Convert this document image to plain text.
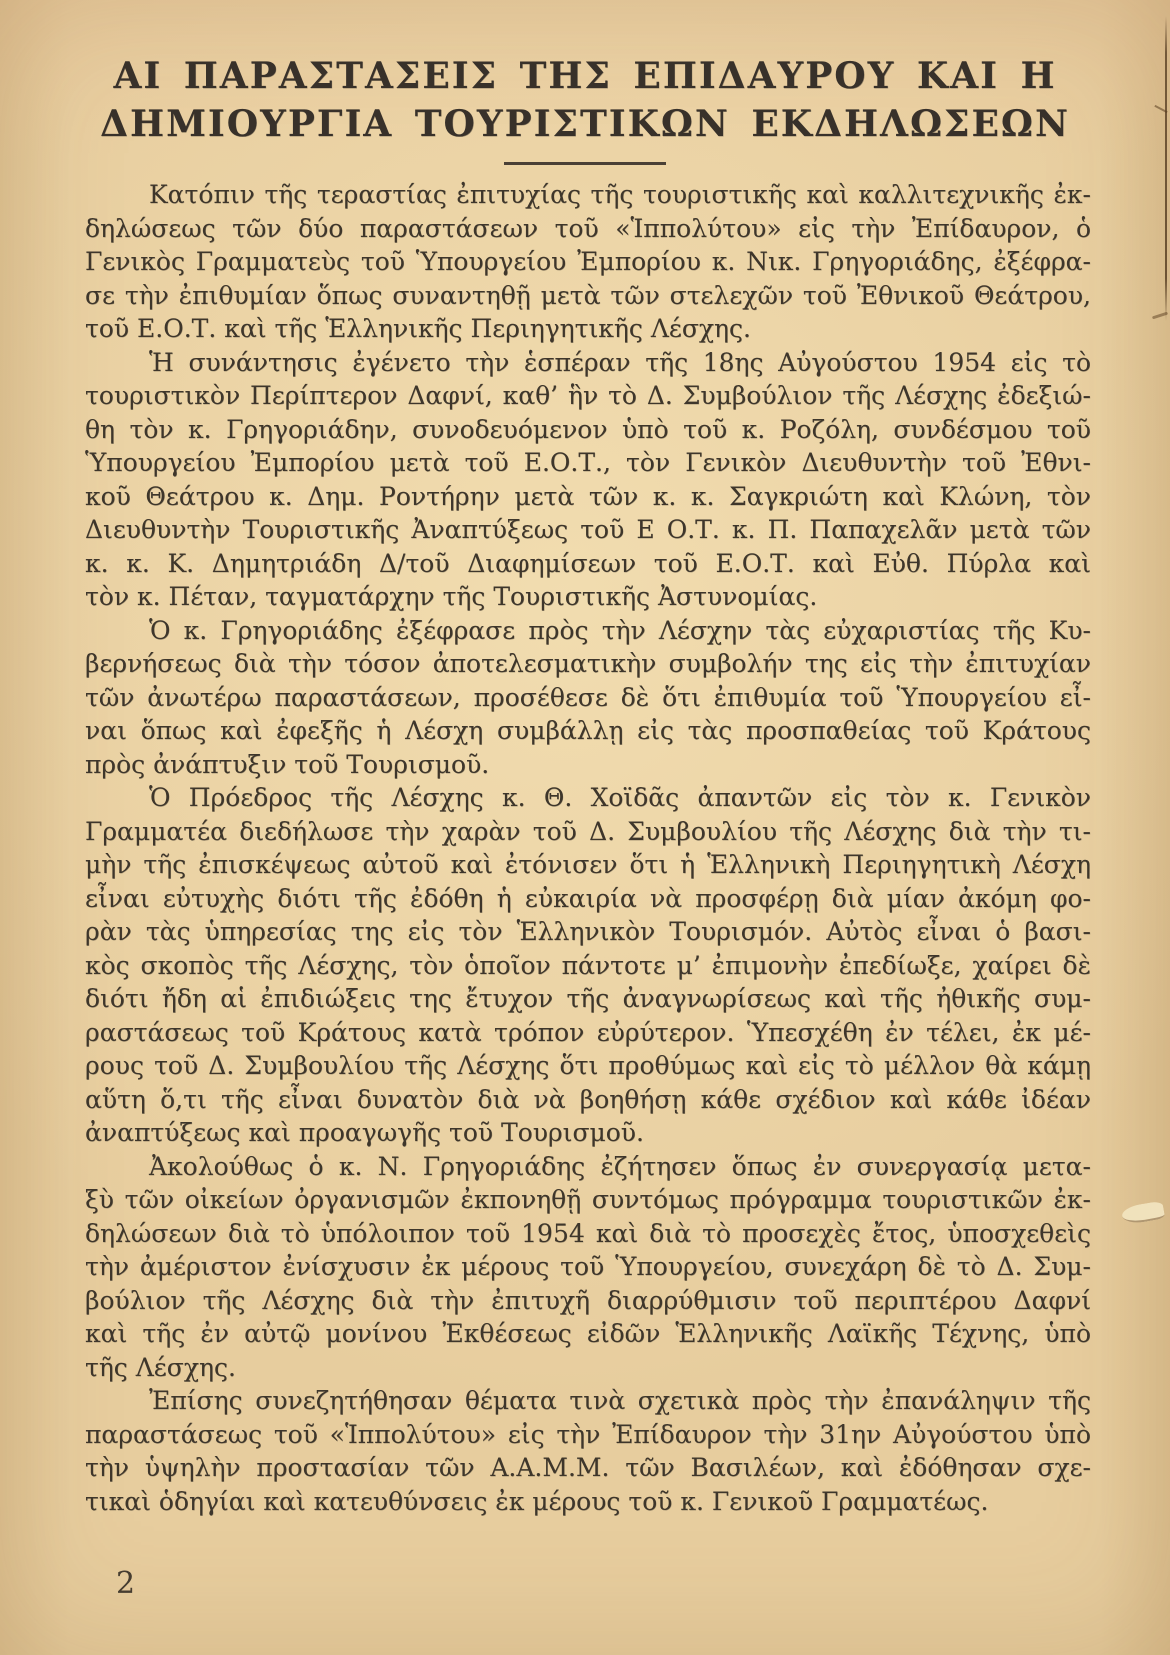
ΑΙ ΠΑΡΑΣΤΑΣΕΙΣ ΤΗΣ ΕΠΙΔΑΥΡΟΥ ΚΑΙ Η
ΔΗΜΙΟΥΡΓΙΑ ΤΟΥΡΙΣΤΙΚΩΝ ΕΚΔΗΛΩΣΕΩΝ
Κατόπιν τῆς τεραστίας ἐπιτυχίας τῆς τουριστικῆς καὶ καλλιτεχνικῆς ἐκ-
δηλώσεως τῶν δύο παραστάσεων τοῦ «Ἱππολύτου» εἰς τὴν Ἐπίδαυρον, ὁ
Γενικὸς Γραμματεὺς τοῦ Ὑπουργείου Ἐμπορίου κ. Νικ. Γρηγοριάδης, ἐξέφρα-
σε τὴν ἐπιθυμίαν ὅπως συναντηθῇ μετὰ τῶν στελεχῶν τοῦ Ἐθνικοῦ Θεάτρου,
τοῦ Ε.Ο.Τ. καὶ τῆς Ἑλληνικῆς Περιηγητικῆς Λέσχης.
Ἡ συνάντησις ἐγένετο τὴν ἑσπέραν τῆς 18ης Αὐγούστου 1954 εἰς τὸ
τουριστικὸν Περίπτερον Δαφνί, καθ’ ἣν τὸ Δ. Συμβούλιον τῆς Λέσχης ἐδεξιώ-
θη τὸν κ. Γρηγοριάδην, συνοδευόμενον ὑπὸ τοῦ κ. Ροζόλη, συνδέσμου τοῦ
Ὑπουργείου Ἐμπορίου μετὰ τοῦ Ε.Ο.Τ., τὸν Γενικὸν Διευθυντὴν τοῦ Ἐθνι-
κοῦ Θεάτρου κ. Δημ. Ροντήρην μετὰ τῶν κ. κ. Σαγκριώτη καὶ Κλώνη, τὸν
Διευθυντὴν Τουριστικῆς Ἀναπτύξεως τοῦ Ε Ο.Τ. κ. Π. Παπαχελᾶν μετὰ τῶν
κ. κ. Κ. Δημητριάδη Δ/τοῦ Διαφημίσεων τοῦ Ε.Ο.Τ. καὶ Εὐθ. Πύρλα καὶ
τὸν κ. Πέταν, ταγματάρχην τῆς Τουριστικῆς Ἀστυνομίας.
Ὁ κ. Γρηγοριάδης ἐξέφρασε πρὸς τὴν Λέσχην τὰς εὐχαριστίας τῆς Κυ-
βερνήσεως διὰ τὴν τόσον ἀποτελεσματικὴν συμβολήν της εἰς τὴν ἐπιτυχίαν
τῶν ἀνωτέρω παραστάσεων, προσέθεσε δὲ ὅτι ἐπιθυμία τοῦ Ὑπουργείου εἶ-
ναι ὅπως καὶ ἐφεξῆς ἡ Λέσχη συμβάλλῃ εἰς τὰς προσπαθείας τοῦ Κράτους
πρὸς ἀνάπτυξιν τοῦ Τουρισμοῦ.
Ὁ Πρόεδρος τῆς Λέσχης κ. Θ. Χοϊδᾶς ἀπαντῶν εἰς τὸν κ. Γενικὸν
Γραμματέα διεδήλωσε τὴν χαρὰν τοῦ Δ. Συμβουλίου τῆς Λέσχης διὰ τὴν τι-
μὴν τῆς ἐπισκέψεως αὐτοῦ καὶ ἐτόνισεν ὅτι ἡ Ἑλληνικὴ Περιηγητικὴ Λέσχη
εἶναι εὐτυχὴς διότι τῆς ἐδόθη ἡ εὐκαιρία νὰ προσφέρῃ διὰ μίαν ἀκόμη φο-
ρὰν τὰς ὑπηρεσίας της εἰς τὸν Ἑλληνικὸν Τουρισμόν. Αὐτὸς εἶναι ὁ βασι-
κὸς σκοπὸς τῆς Λέσχης, τὸν ὁποῖον πάντοτε μ’ ἐπιμονὴν ἐπεδίωξε, χαίρει δὲ
διότι ἤδη αἱ ἐπιδιώξεις της ἔτυχον τῆς ἀναγνωρίσεως καὶ τῆς ἠθικῆς συμ-
ραστάσεως τοῦ Κράτους κατὰ τρόπον εὐρύτερον. Ὑπεσχέθη ἐν τέλει, ἐκ μέ-
ρους τοῦ Δ. Συμβουλίου τῆς Λέσχης ὅτι προθύμως καὶ εἰς τὸ μέλλον θὰ κάμῃ
αὕτη ὅ,τι τῆς εἶναι δυνατὸν διὰ νὰ βοηθήσῃ κάθε σχέδιον καὶ κάθε ἰδέαν
ἀναπτύξεως καὶ προαγωγῆς τοῦ Τουρισμοῦ.
Ἀκολούθως ὁ κ. Ν. Γρηγοριάδης ἐζήτησεν ὅπως ἐν συνεργασίᾳ μετα-
ξὺ τῶν οἰκείων ὀργανισμῶν ἐκπονηθῇ συντόμως πρόγραμμα τουριστικῶν ἐκ-
δηλώσεων διὰ τὸ ὑπόλοιπον τοῦ 1954 καὶ διὰ τὸ προσεχὲς ἔτος, ὑποσχεθεὶς
τὴν ἀμέριστον ἐνίσχυσιν ἐκ μέρους τοῦ Ὑπουργείου, συνεχάρη δὲ τὸ Δ. Συμ-
βούλιον τῆς Λέσχης διὰ τὴν ἐπιτυχῆ διαρρύθμισιν τοῦ περιπτέρου Δαφνί
καὶ τῆς ἐν αὐτῷ μονίνου Ἐκθέσεως εἰδῶν Ἑλληνικῆς Λαϊκῆς Τέχνης, ὑπὸ
τῆς Λέσχης.
Ἐπίσης συνεζητήθησαν θέματα τινὰ σχετικὰ πρὸς τὴν ἐπανάληψιν τῆς
παραστάσεως τοῦ «Ἱππολύτου» εἰς τὴν Ἐπίδαυρον τὴν 31ην Αὐγούστου ὑπὸ
τὴν ὑψηλὴν προστασίαν τῶν Α.Α.Μ.Μ. τῶν Βασιλέων, καὶ ἐδόθησαν σχε-
τικαὶ ὁδηγίαι καὶ κατευθύνσεις ἐκ μέρους τοῦ κ. Γενικοῦ Γραμματέως.
2
